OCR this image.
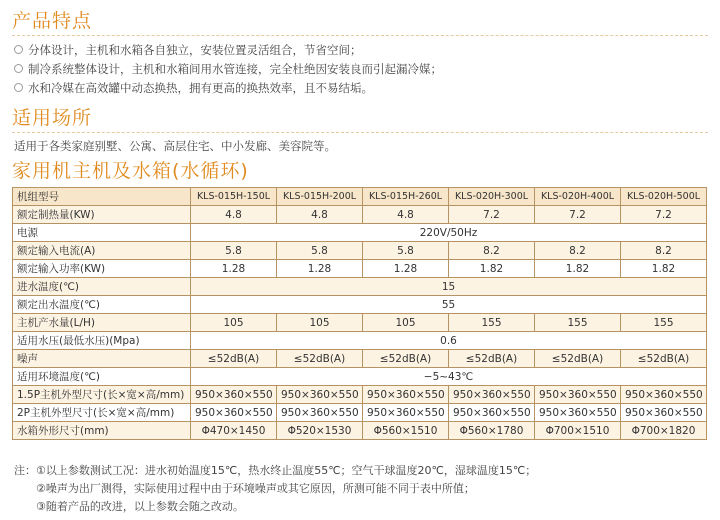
产品特点
分体设计，主机和水箱各自独立，安装位置灵活组合，节省空间；
制冷系统整体设计，主机和水箱间用水管连接，完全杜绝因安装良而引起漏冷媒；
水和冷媒在高效罐中动态换热，拥有更高的换热效率，且不易结垢。
适用场所
适用于各类家庭别墅、公寓、高层住宅、中小发廊、美容院等。
家用机主机及水箱(水循环)
机组型号	KLS-015H-150L	KLS-015H-200L	KLS-015H-260L	KLS-020H-300L	KLS-020H-400L	KLS-020H-500L
额定制热量(KW)	4.8	4.8	4.8	7.2	7.2	7.2
电源	220V/50Hz					
额定输入电流(A)	5.8	5.8	5.8	8.2	8.2	8.2
额定输入功率(KW)	1.28	1.28	1.28	1.82	1.82	1.82
进水温度(℃)	15					
额定出水温度(℃)	55					
主机产水量(L/H)	105	105	105	155	155	155
适用水压(最低水压)(Mpa)	0.6					
噪声	≤52dB(A)	≤52dB(A)	≤52dB(A)	≤52dB(A)	≤52dB(A)	≤52dB(A)
适用环境温度(℃)	−5~43℃					
1.5P主机外型尺寸(长×宽×高/mm)	950×360×550	950×360×550	950×360×550	950×360×550	950×360×550	950×360×550
2P主机外型尺寸(长×宽×高/mm)	950×360×550	950×360×550	950×360×550	950×360×550	950×360×550	950×360×550
水箱外形尺寸(mm)	Φ470×1450	Φ520×1530	Φ560×1510	Φ560×1780	Φ700×1510	Φ700×1820
注：①以上参数测试工况：进水初始温度15℃，热水终止温度55℃；空气干球温度20℃，湿球温度15℃；
②噪声为出厂测得，实际使用过程中由于环境噪声或其它原因，所测可能不同于表中所值；
③随着产品的改进，以上参数会随之改动。
